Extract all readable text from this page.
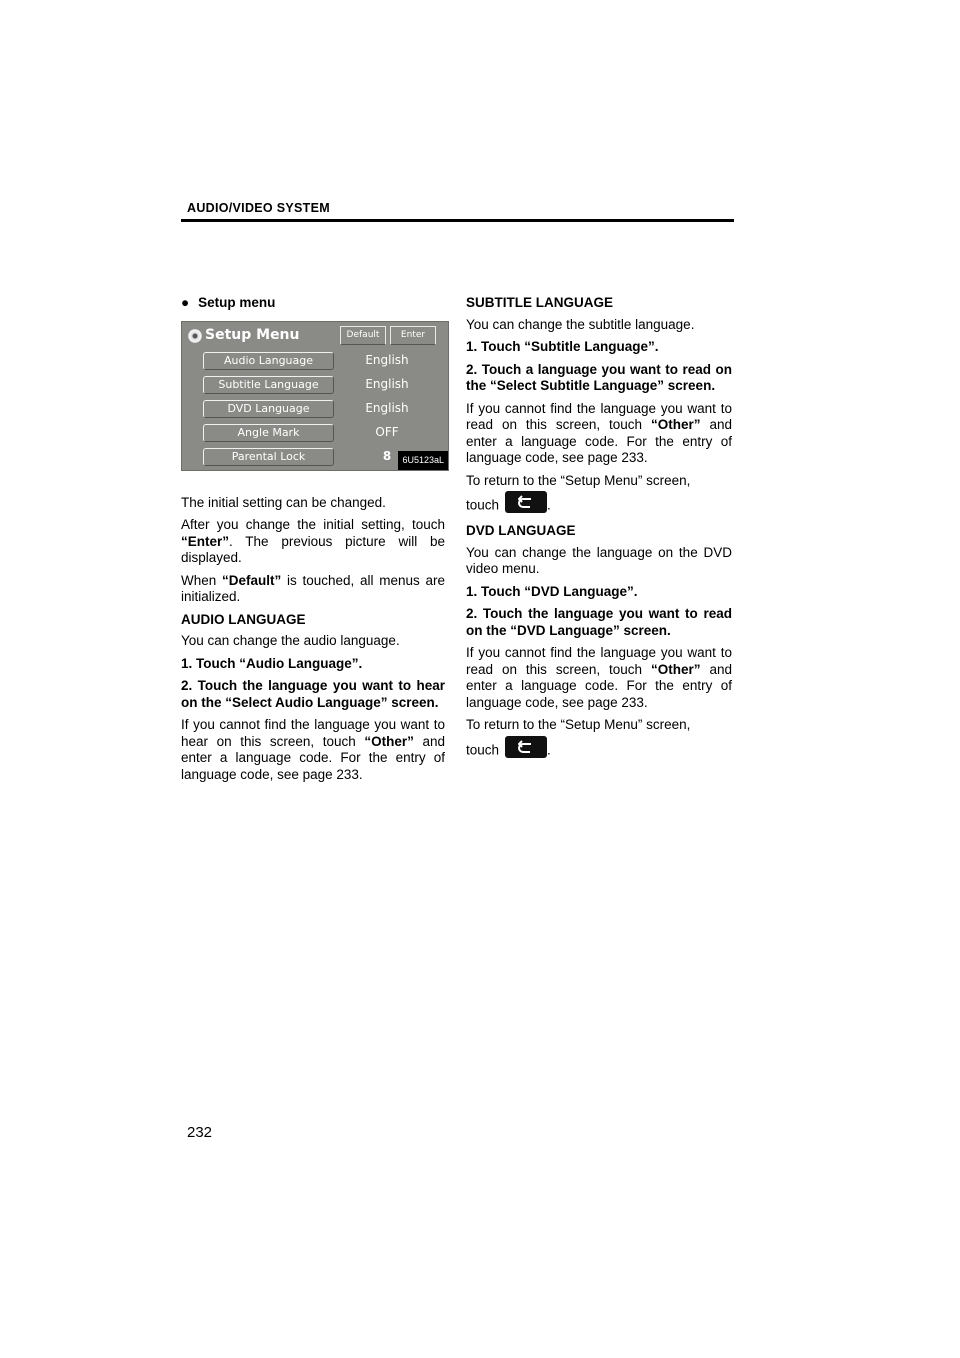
AUDIO/VIDEO SYSTEM
● Setup menu
Setup Menu	Default	Enter
Audio Language	English
Subtitle Language	English
DVD Language	English
Angle Mark	OFF
Parental Lock	8	6U5123aL

The initial setting can be changed.

After you change the initial setting, touch “Enter”. The previous picture will be displayed.

When “Default” is touched, all menus are initialized.

AUDIO LANGUAGE

You can change the audio language.

1. Touch “Audio Language”.

2. Touch the language you want to hear on the “Select Audio Language” screen.

If you cannot find the language you want to hear on this screen, touch “Other” and enter a language code. For the entry of language code, see page 233.

SUBTITLE LANGUAGE

You can change the subtitle language.

1. Touch “Subtitle Language”.

2. Touch a language you want to read on the “Select Subtitle Language” screen.

If you cannot find the language you want to read on this screen, touch “Other” and enter a language code. For the entry of language code, see page 233.

To return to the “Setup Menu” screen,

touch	.

DVD LANGUAGE

You can change the language on the DVD video menu.

1. Touch “DVD Language”.

2. Touch the language you want to read on the “DVD Language” screen.

If you cannot find the language you want to read on this screen, touch “Other” and enter a language code. For the entry of language code, see page 233.

To return to the “Setup Menu” screen,

touch	.

232
